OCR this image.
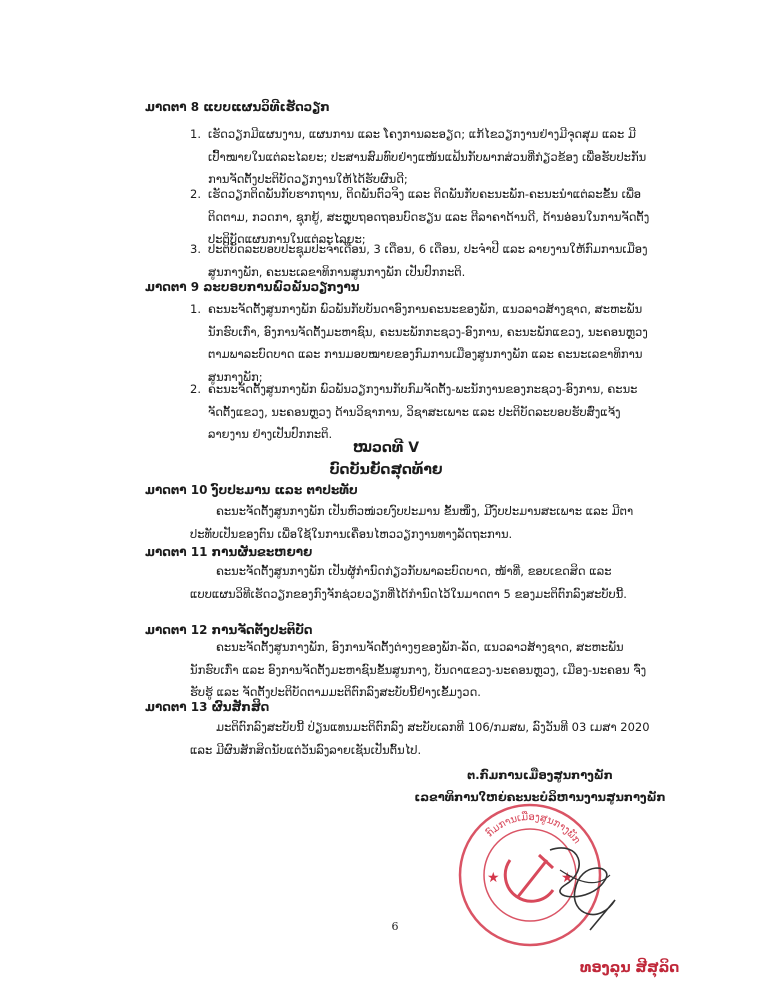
ມາດຕາ 8 ແບບແຜນວິທີເຮັດວຽກ
1. ເຮັດວຽກມີແຜນງານ, ແຜນການ ແລະ ໂຄງການລະອຽດ; ແກ້ໄຂວຽກງານຢ່າງມີຈຸດສຸມ ແລະ ມີເປົ້າໝາຍໃນແຕ່ລະໄລຍະ; ປະສານສົມທົບຢ່າງແໜ້ນແຟ້ນກັບພາກສ່ວນທີ່ກ່ຽວຂ້ອງ ເພື່ອຮັບປະກັນການຈັດຕັ້ງປະຕິບັດວຽກງານໃຫ້ໄດ້ຮັບຜົນດີ;
2. ເຮັດວຽກຕິດພັນກັບຮາກຖານ, ຕິດພັນຕົວຈິງ ແລະ ຕິດພັນກັບຄະນະພັກ-ຄະນະນຳແຕ່ລະຂັ້ນ ເພື່ອຕິດຕາມ, ກວດກາ, ຊຸກຍູ້, ສະຫຼຸບຖອດຖອນບົດຮຽນ ແລະ ຕີລາຄາດ້ານດີ, ດ້ານອ່ອນໃນການຈັດຕັ້ງປະຕິບັດແຜນການໃນແຕ່ລະໄລຍະ;
3. ປະຕິບັດລະບອບປະຊຸມປະຈຳເດືອນ, 3 ເດືອນ, 6 ເດືອນ, ປະຈຳປີ ແລະ ລາຍງານໃຫ້ກົມການເມືອງສູນກາງພັກ, ຄະນະເລຂາທິການສູນກາງພັກ ເປັນປົກກະຕິ.
ມາດຕາ 9 ລະບອບການພົວພັນວຽກງານ
1. ຄະນະຈັດຕັ້ງສູນກາງພັກ ພົວພັນກັບບັນດາອົງການຄະນະຂອງພັກ, ແນວລາວສ້າງຊາດ, ສະຫະພັນນັກຮົບເກົ່າ, ອົງການຈັດຕັ້ງມະຫາຊົນ, ຄະນະພັກກະຊວງ-ອົງການ, ຄະນະພັກແຂວງ, ນະຄອນຫຼວງ ຕາມພາລະບົດບາດ ແລະ ການມອບໝາຍຂອງກົມການເມືອງສູນກາງພັກ ແລະ ຄະນະເລຂາທິການສູນກາງພັກ;
2. ຄະນະຈັດຕັ້ງສູນກາງພັກ ພົວພັນວຽກງານກັບກົມຈັດຕັ້ງ-ພະນັກງານຂອງກະຊວງ-ອົງການ, ຄະນະຈັດຕັ້ງແຂວງ, ນະຄອນຫຼວງ ດ້ານວິຊາການ, ວິຊາສະເພາະ ແລະ ປະຕິບັດລະບອບຮັບສົ່ງແຈ້ງລາຍງານ ຢ່າງເປັນປົກກະຕິ.
ໝວດທີ V
ບົດບັນຍັດສຸດທ້າຍ
ມາດຕາ 10 ງົບປະມານ ແລະ ຕາປະທັບ
ຄະນະຈັດຕັ້ງສູນກາງພັກ ເປັນຫົວໜ່ວຍງົບປະມານ ຂັ້ນໜຶ່ງ, ມີງົບປະມານສະເພາະ ແລະ ມີຕາປະທັບເປັນຂອງຕົນ ເພື່ອໃຊ້ໃນການເຄື່ອນໄຫວວຽກງານທາງລັດຖະການ.
ມາດຕາ 11 ການຜັນຂະຫຍາຍ
ຄະນະຈັດຕັ້ງສູນກາງພັກ ເປັນຜູ້ກຳນົດກ່ຽວກັບພາລະບົດບາດ, ໜ້າທີ່, ຂອບເຂດສິດ ແລະ ແບບແຜນວິທີເຮັດວຽກຂອງກົງຈັກຊ່ວຍວຽກທີ່ໄດ້ກຳນົດໄວ້ໃນມາດຕາ 5 ຂອງມະຕິຕົກລົງສະບັບນີ້.
ມາດຕາ 12 ການຈັດຕັ້ງປະຕິບັດ
ຄະນະຈັດຕັ້ງສູນກາງພັກ, ອົງການຈັດຕັ້ງຕ່າງໆຂອງພັກ-ລັດ, ແນວລາວສ້າງຊາດ, ສະຫະພັນນັກຮົບເກົ່າ ແລະ ອົງການຈັດຕັ້ງມະຫາຊົນຂັ້ນສູນກາງ, ບັນດາແຂວງ-ນະຄອນຫຼວງ, ເມືອງ-ນະຄອນ ຈົ່ງຮັບຮູ້ ແລະ ຈັດຕັ້ງປະຕິບັດຕາມມະຕິຕົກລົງສະບັບນີ້ຢ່າງເຂັ້ມງວດ.
ມາດຕາ 13 ຜົນສັກສິດ
ມະຕິຕົກລົງສະບັບນີ້ ປ່ຽນແທນມະຕິຕົກລົງ ສະບັບເລກທີ 106/ກມສພ, ລົງວັນທີ 03 ເມສາ 2020 ແລະ ມີຜົນສັກສິດນັບແຕ່ວັນລົງລາຍເຊັນເປັນຕົ້ນໄປ.
ຕ.ກົມການເມືອງສູນກາງພັກ
ເລຂາທິການໃຫຍ່ຄະນະບໍລິຫານງານສູນກາງພັກ
ກົມການເມືອງສູນກາງພັກ
★	★
6
ທອງລຸນ ສີສຸລິດ
